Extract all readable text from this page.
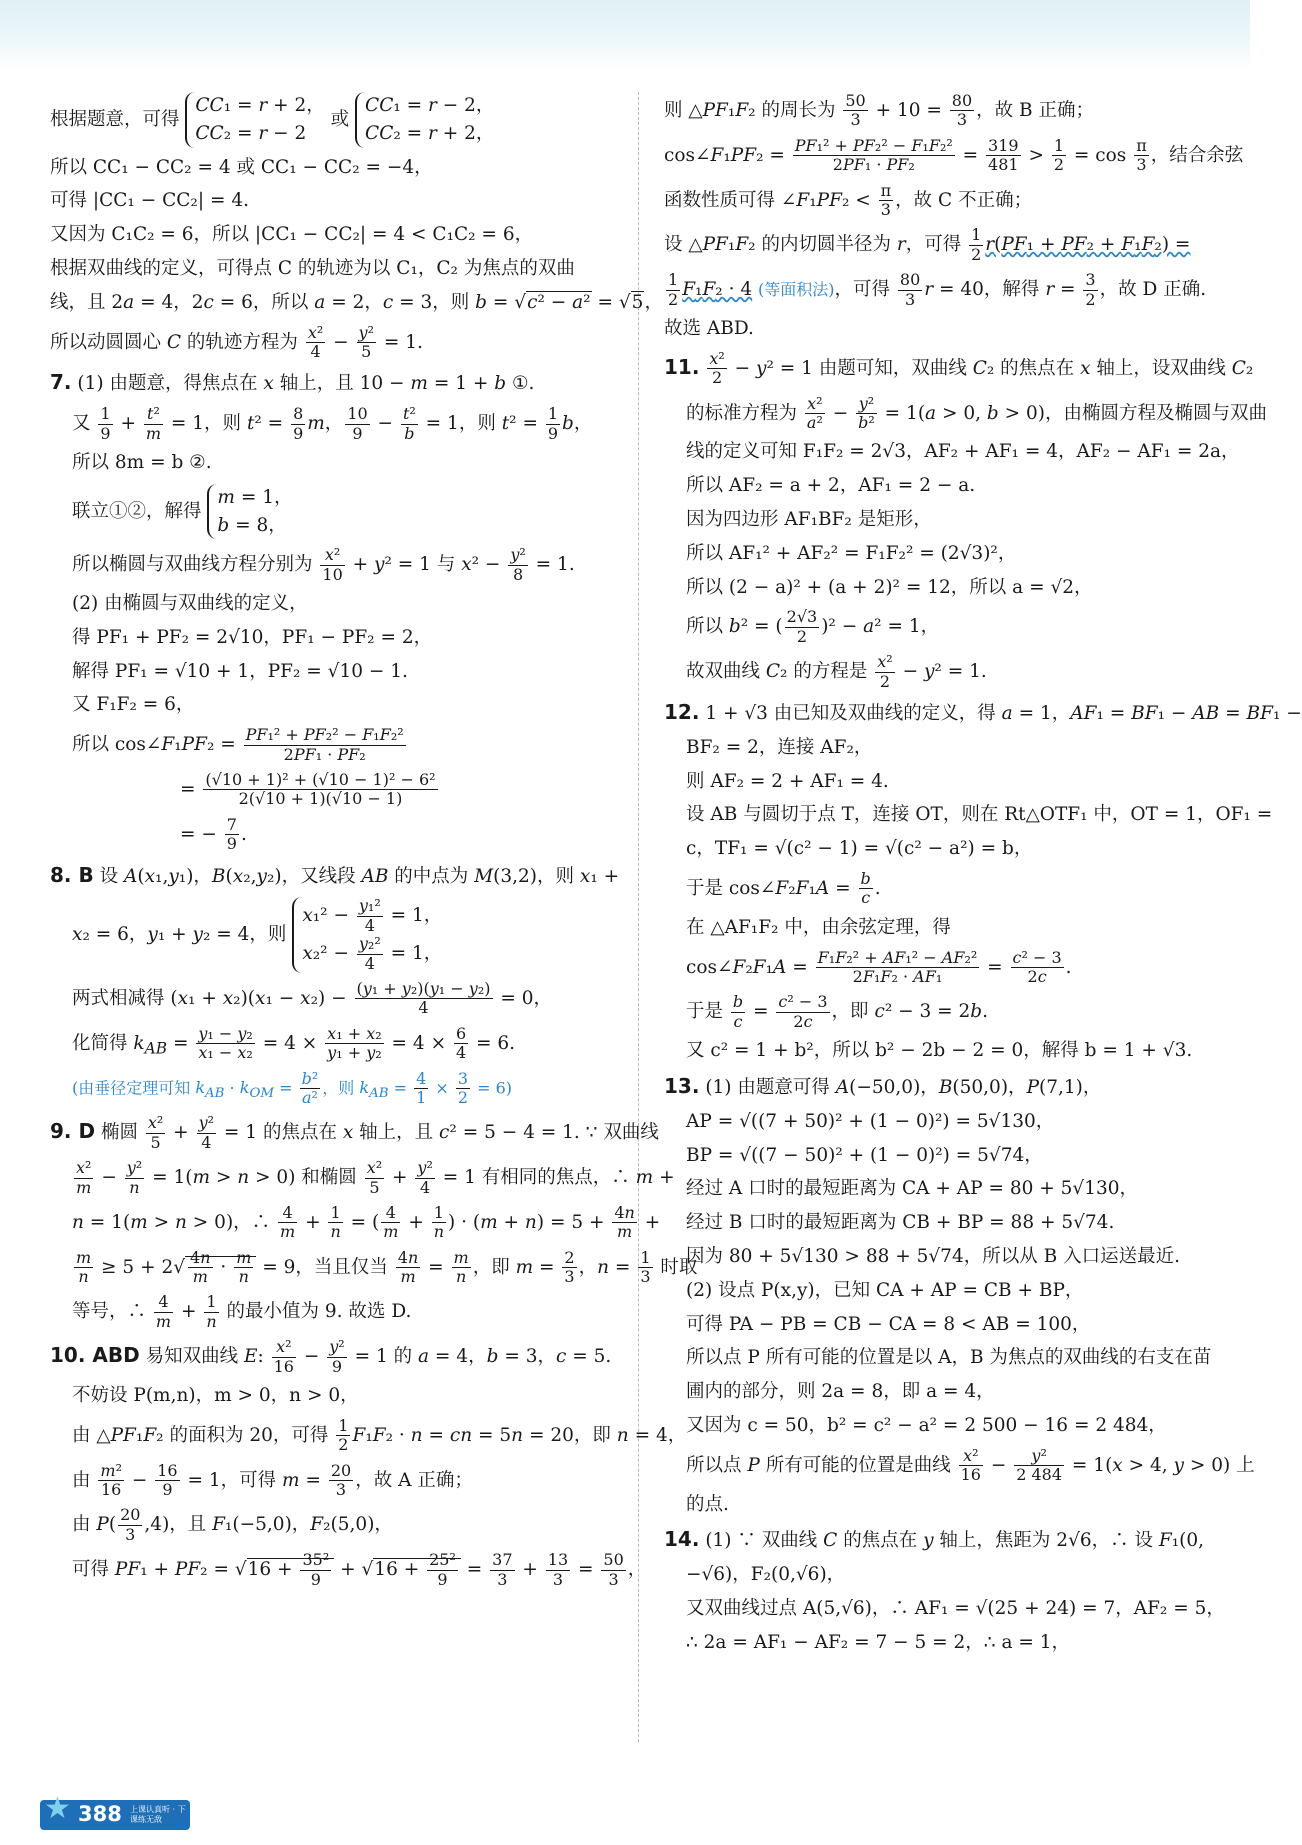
根据题意，可得 CC₁ = r + 2，
CC₂ = r − 2 或 CC₁ = r − 2，
CC₂ = r + 2，
所以 CC₁ − CC₂ = 4 或 CC₁ − CC₂ = −4，
可得 |CC₁ − CC₂| = 4.
又因为 C₁C₂ = 6，所以 |CC₁ − CC₂| = 4 < C₁C₂ = 6，
根据双曲线的定义，可得点 C 的轨迹为以 C₁，C₂ 为焦点的双曲
线，且 2a = 4，2c = 6，所以 a = 2，c = 3，则 b = √c² − a² = √5，
所以动圆圆心 C 的轨迹方程为 $\frac{\text{x²}}{4} - \frac{\text{y²}}{5} = 1$.
7. (1) 由题意，得焦点在 x 轴上，且 10 − m = 1 + b ①.
又 $\frac{1}{9} + \frac{\text{t²}}{m} = 1$，则 $t^2 = \frac{8}{9}$ m， $\frac{10}{9} - \frac{\text{t²}}{b} = 1$，则 $t^2 = \frac{1}{9}$ b，
所以 8m = b ②.
联立①②，解得 m = 1，
b = 8，
所以椭圆与双曲线方程分别为 $\frac{\text{x²}}{10} + y^2 = 1$ 与 $x^2 - \frac{\text{y²}}{8} = 1$.
(2) 由椭圆与双曲线的定义，
得 PF₁ + PF₂ = 2√10，PF₁ − PF₂ = 2，
解得 PF₁ = √10 + 1，PF₂ = √10 − 1.
又 F₁F₂ = 6，
所以 cos∠F₁PF₂ = $\frac{\text{PF₁² + PF₂² − F₁F₂²}}{\text{2PF₁ · PF₂}}$
= $\frac{\text{(√10 + 1)² + (√10 − 1)² − 6²}}{2(√10 + 1)(√10 - 1)}$
= − $\frac{7}{9}$ .
8. B 设 A(x₁,y₁)，B(x₂,y₂)，又线段 AB 的中点为 M(3,2)，则 x₁ +
x₂ = 6，y₁ + y₂ = 4，则 $x_1^2 - \frac{\text{y₁²}}{4} = 1$，
$x_2^2 - \frac{\text{y₂²}}{4} = 1$，
两式相减得 $(x_1 + x_2)(x_1 - x_2) - \frac{\text{(y₁ + y₂)(y₁ − y₂)}}{4} = 0$，
化简得 $k_{AB} = \frac{\text{y₁ − y₂}}{\text{x₁ − x₂}} = 4 \times \frac{\text{x₁ + x₂}}{\text{y₁ + y₂}} = 4 \times \frac{6}{4} = 6$.
(由垂径定理可知 $k_{AB} \cdot k_{OM} = \frac{\text{b²}}{\text{a²}}$ ，则 $k_{AB} = \frac{4}{1} \times \frac{3}{2} = 6$)
9. D 椭圆 $\frac{\text{x²}}{5} + \frac{\text{y²}}{4} = 1$ 的焦点在 x 轴上，且 c² = 5 − 4 = 1. ∵ 双曲线
$\frac{\text{x²}}{m} - \frac{\text{y²}}{n} = 1(m > n > 0)$ 和椭圆 $\frac{\text{x²}}{5} + \frac{\text{y²}}{4} = 1$ 有相同的焦点，∴ m +
n = 1(m > n > 0)，∴ $\frac{4}{m} + \frac{1}{n}$ = ( $\frac{4}{m} + \frac{1}{n}$ ) · $(m + n) = 5 + \frac{4n}{m}$ +
$\frac{m}{n} \ge 5 + 2√ \frac{4n}{m} \cdot \frac{m}{n} = 9$，当且仅当 $\frac{4n}{m} = \frac{m}{n}$ ，即 $m = \frac{2}{3}$ ，$n = \frac{1}{3}$ 时取
等号，∴ $\frac{4}{m} + \frac{1}{n}$ 的最小值为 9. 故选 D.
10. ABD 易知双曲线 E: $\frac{\text{x²}}{16} - \frac{\text{y²}}{9} = 1$ 的 a = 4，b = 3，c = 5.
不妨设 P(m,n)，m > 0，n > 0，
由 △PF₁F₂ 的面积为 20，可得 $\frac{1}{2} F_1F_2 \cdot n$ = cn = 5n = 20，即 n = 4，
由 $\frac{\text{m²}}{16} - \frac{16}{9} = 1$，可得 $m = \frac{20}{3}$ ，故 A 正确；
由 $P( \frac{20}{3} ,4)$，且 F₁(−5,0)，F₂(5,0)，
可得 $PF_1 + PF_2 = √16 + \frac{\text{35²}}{9} + √16 + \frac{\text{25²}}{9} = \frac{37}{3} + \frac{13}{3} = \frac{50}{3}$ ，
则 △PF₁F₂ 的周长为 $\frac{50}{3} + 10 = \frac{80}{3}$ ，故 B 正确；
cos∠F₁PF₂ = $\frac{\text{PF₁² + PF₂² − F₁F₂²}}{\text{2PF₁ · PF₂}} = \frac{319}{481} > \frac{1}{2} = \cos \frac{\pi}{3}$ ，结合余弦
函数性质可得 ∠F₁PF₂ < $\frac{\pi}{3}$ ，故 C 不正确；
设 △PF₁F₂ 的内切圆半径为 r，可得 $\frac{1}{2} r(PF_1 + PF_2 + F_1F_2)$ =
$\frac{1}{2} F_1F_2 \cdot 4$ (等面积法)，可得 $\frac{80}{3}$ r = 40，解得 $r = \frac{3}{2}$ ，故 D 正确.
故选 ABD.
11. $\frac{\text{x²}}{2} - y^2 = 1$ 由题可知，双曲线 C₂ 的焦点在 x 轴上，设双曲线 C₂
的标准方程为 $\frac{\text{x²}}{\text{a²}} - \frac{\text{y²}}{\text{b²}} = 1(a > 0$, b > 0)，由椭圆方程及椭圆与双曲
线的定义可知 F₁F₂ = 2√3，AF₂ + AF₁ = 4，AF₂ − AF₁ = 2a，
所以 AF₂ = a + 2，AF₁ = 2 − a.
因为四边形 AF₁BF₂ 是矩形，
所以 AF₁² + AF₂² = F₁F₂² = (2√3)²，
所以 (2 − a)² + (a + 2)² = 12，所以 a = √2，
所以 b² = ( $\frac{2√3}{2} )^2 - a^2 = 1$，
故双曲线 C₂ 的方程是 $\frac{\text{x²}}{2} - y^2 = 1$.
12. 1 + √3 由已知及双曲线的定义，得 a = 1，AF₁ = BF₁ − AB = BF₁ −
BF₂ = 2，连接 AF₂，
则 AF₂ = 2 + AF₁ = 4.
设 AB 与圆切于点 T，连接 OT，则在 Rt△OTF₁ 中，OT = 1，OF₁ =
c，TF₁ = √(c² − 1) = √(c² − a²) = b，
于是 cos∠F₂F₁A = $\frac{b}{c}$ .
在 △AF₁F₂ 中，由余弦定理，得
cos∠F₂F₁A = $\frac{\text{F₁F₂² + AF₁² − AF₂²}}{\text{2F₁F₂ · AF₁}} = \frac{\text{c² − 3}}{2c}$ .
于是 $\frac{b}{c} = \frac{\text{c² − 3}}{2c}$ ，即 c² − 3 = 2b.
又 c² = 1 + b²，所以 b² − 2b − 2 = 0，解得 b = 1 + √3.
13. (1) 由题意可得 A(−50,0)，B(50,0)，P(7,1)，
AP = √((7 + 50)² + (1 − 0)²) = 5√130，
BP = √((7 − 50)² + (1 − 0)²) = 5√74，
经过 A 口时的最短距离为 CA + AP = 80 + 5√130，
经过 B 口时的最短距离为 CB + BP = 88 + 5√74.
因为 80 + 5√130 > 88 + 5√74，所以从 B 入口运送最近.
(2) 设点 P(x,y)，已知 CA + AP = CB + BP，
可得 PA − PB = CB − CA = 8 < AB = 100，
所以点 P 所有可能的位置是以 A，B 为焦点的双曲线的右支在苗
圃内的部分，则 2a = 8，即 a = 4，
又因为 c = 50，b² = c² − a² = 2 500 − 16 = 2 484，
所以点 P 所有可能的位置是曲线 $\frac{\text{x²}}{16} - \frac{\text{y²}}{2 484} = 1(x > 4$, y > 0) 上
的点.
14. (1) ∵ 双曲线 C 的焦点在 y 轴上，焦距为 2√6，∴ 设 F₁(0,
−√6)，F₂(0,√6)，
又双曲线过点 A(5,√6)，∴ AF₁ = √(25 + 24) = 7，AF₂ = 5，
∴ 2a = AF₁ − AF₂ = 7 − 5 = 2，∴ a = 1，
★ 388 上课认真听 · 下课练无敌
